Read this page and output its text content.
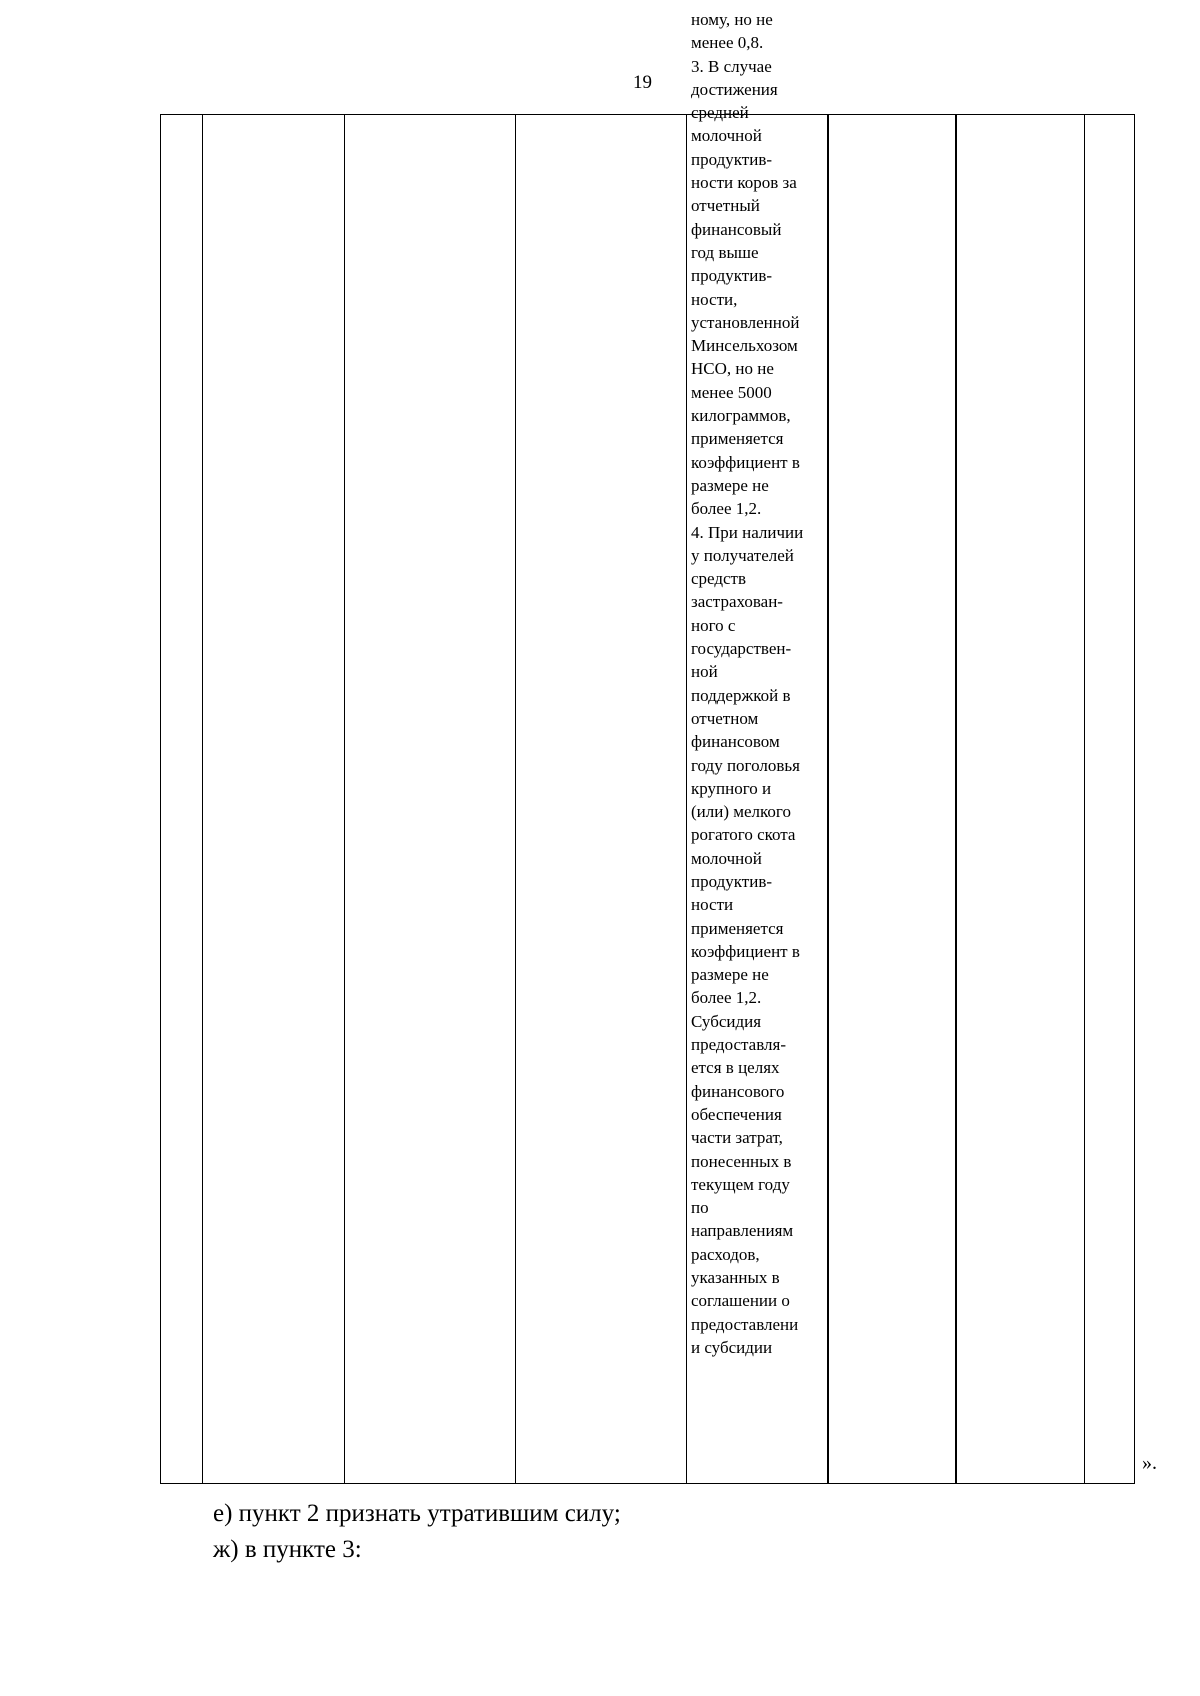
19
ному, но не
менее 0,8.
3. В случае
достижения
средней
молочной
продуктив-
ности коров за
отчетный
финансовый
год выше
продуктив-
ности,
установленной
Минсельхозом
НСО, но не
менее 5000
килограммов,
применяется
коэффициент в
размере не
более 1,2.
4. При наличии
у получателей
средств
застрахован-
ного с
государствен-
ной
поддержкой в
отчетном
финансовом
году поголовья
крупного и
(или) мелкого
рогатого скота
молочной
продуктив-
ности
применяется
коэффициент в
размере не
более 1,2.
Субсидия
предоставля-
ется в целях
финансового
обеспечения
части затрат,
понесенных в
текущем году
по
направлениям
расходов,
указанных в
соглашении о
предоставлени
и субсидии
».
е) пункт 2 признать утратившим силу;
ж) в пункте 3:
